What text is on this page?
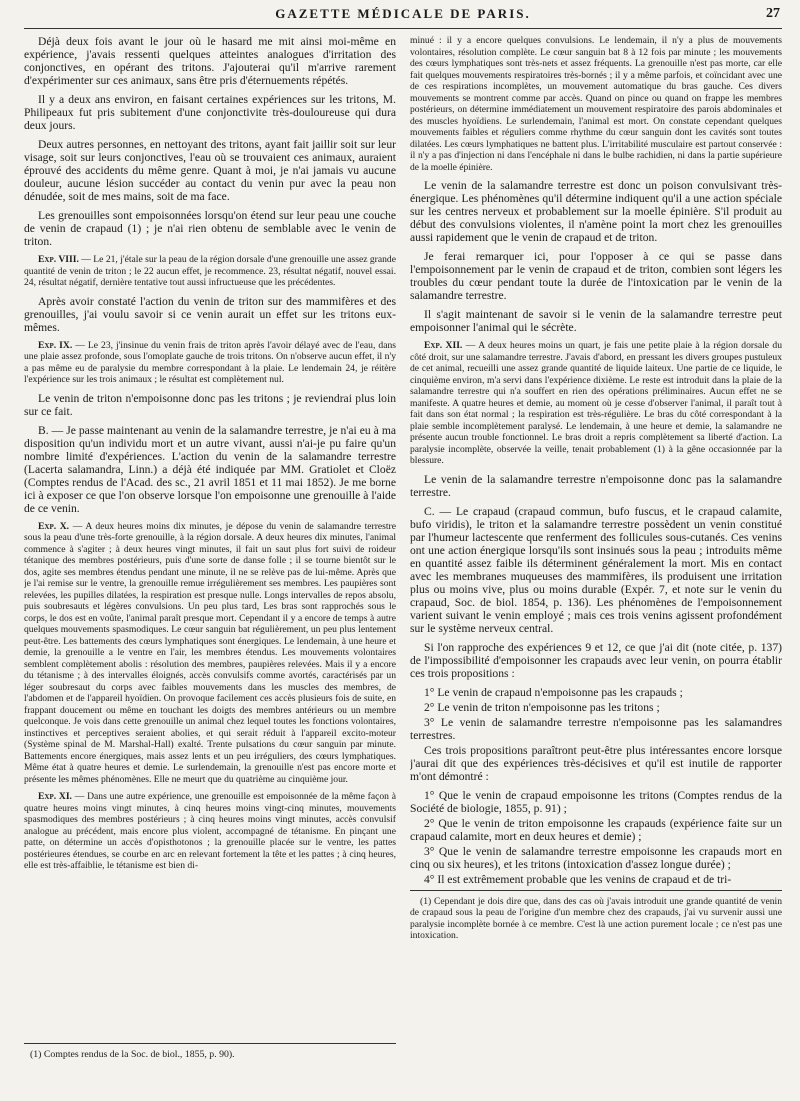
GAZETTE MÉDICALE DE PARIS.	27

Déjà deux fois avant le jour où le hasard me mit ainsi moi-même en expérience, j'avais ressenti quelques atteintes analogues d'irritation des conjonctives, en opérant des tritons. J'ajouterai qu'il m'arrive rarement d'expérimenter sur ces animaux, sans être pris d'éternuements répétés.

Il y a deux ans environ, en faisant certaines expériences sur les tritons, M. Philipeaux fut pris subitement d'une conjonctivite très-douloureuse qui dura deux jours.

Deux autres personnes, en nettoyant des tritons, ayant fait jaillir soit sur leur visage, soit sur leurs conjonctives, l'eau où se trouvaient ces animaux, auraient éprouvé des accidents du même genre. Quant à moi, je n'ai jamais vu aucune douleur, aucune lésion succéder au contact du venin pur avec la peau non dénudée, soit de mes mains, soit de ma face.

Les grenouilles sont empoisonnées lorsqu'on étend sur leur peau une couche de venin de crapaud (1) ; je n'ai rien obtenu de semblable avec le venin de triton.

Exp. VIII. — Le 21, j'étale sur la peau de la région dorsale d'une grenouille une assez grande quantité de venin de triton ; le 22 aucun effet, je recommence. 23, résultat négatif, nouvel essai. 24, résultat négatif, dernière tentative tout aussi infructueuse que les précédentes.

Après avoir constaté l'action du venin de triton sur des mammifères et des grenouilles, j'ai voulu savoir si ce venin aurait un effet sur les tritons eux-mêmes.

Exp. IX. — Le 23, j'insinue du venin frais de triton après l'avoir délayé avec de l'eau, dans une plaie assez profonde, sous l'omoplate gauche de trois tritons. On n'observe aucun effet, il n'y a pas même eu de paralysie du membre correspondant à la plaie. Le lendemain 24, je réitère l'expérience sur les trois animaux ; le résultat est complètement nul.

Le venin de triton n'empoisonne donc pas les tritons ; je reviendrai plus loin sur ce fait.

B. — Je passe maintenant au venin de la salamandre terrestre, je n'ai eu à ma disposition qu'un individu mort et un autre vivant, aussi n'ai-je pu faire qu'un nombre limité d'expériences. L'action du venin de la salamandre terrestre (Lacerta salamandra, Linn.) a déjà été indiquée par MM. Gratiolet et Cloëz (Comptes rendus de l'Acad. des sc., 21 avril 1851 et 11 mai 1852). Je me borne ici à exposer ce que l'on observe lorsque l'on empoisonne une grenouille à l'aide de ce venin.

Exp. X. — A deux heures moins dix minutes, je dépose du venin de salamandre terrestre sous la peau d'une très-forte grenouille, à la région dorsale. A deux heures dix minutes, l'animal commence à s'agiter ; à deux heures vingt minutes, il fait un saut plus fort suivi de roideur tétanique des membres postérieurs, puis d'une sorte de danse folle ; il se tourne bientôt sur le dos, agite ses membres étendus pendant une minute, il ne se relève pas de lui-même. Après que je l'ai remise sur le ventre, la grenouille remue irrégulièrement ses membres. Les paupières sont relevées, les pupilles dilatées, la respiration est presque nulle. Longs intervalles de repos absolu, puis soubresauts et légères convulsions. Un peu plus tard, Les bras sont rapprochés sous le corps, le dos est en voûte, l'animal paraît presque mort. Cependant il y a encore de temps à autre quelques mouvements spasmodiques. Le cœur sanguin bat régulièrement, un peu plus lentement peut-être. Les battements des cœurs lymphatiques sont énergiques. Le lendemain, à une heure et demie, la grenouille a le ventre en l'air, les membres étendus. Les mouvements volontaires semblent complètement abolis : résolution des membres, paupières relevées. Mais il y a encore du tétanisme ; à des intervalles éloignés, accès convulsifs comme avortés, caractérisés par un léger soubresaut du corps avec faibles mouvements dans les muscles des membres, de l'abdomen et de l'appareil hyoïdien. On provoque facilement ces accès plusieurs fois de suite, en frappant doucement ou même en touchant les doigts des membres antérieurs ou un membre quelconque. Je vois dans cette grenouille un animal chez lequel toutes les fonctions volontaires, instinctives et perceptives seraient abolies, et qui serait réduit à l'appareil excito-moteur (Système spinal de M. Marshal-Hall) exalté. Trente pulsations du cœur sanguin par minute. Battements encore énergiques, mais assez lents et un peu irréguliers, des cœurs lymphatiques. Même état à quatre heures et demie. Le surlendemain, la grenouille n'est pas encore morte et présente les mêmes phénomènes. Elle ne meurt que du quatrième au cinquième jour.

Exp. XI. — Dans une autre expérience, une grenouille est empoisonnée de la même façon à quatre heures moins vingt minutes, à cinq heures moins vingt-cinq minutes, mouvements spasmodiques des membres postérieurs ; à cinq heures moins vingt minutes, accès convulsif analogue au précédent, mais encore plus violent, accompagné de tétanisme. En pinçant une patte, on détermine un accès d'opisthotonos ; la grenouille placée sur le ventre, les pattes postérieures étendues, se courbe en arc en relevant fortement la tête et les pattes ; à cinq heures, elle est très-affaiblie, le tétanisme est bien di-

(1) Comptes rendus de la Soc. de biol., 1855, p. 90).

minué : il y a encore quelques convulsions. Le lendemain, il n'y a plus de mouvements volontaires, résolution complète. Le cœur sanguin bat 8 à 12 fois par minute ; les mouvements des cœurs lymphatiques sont très-nets et assez fréquents. La grenouille n'est pas morte, car elle fait quelques mouvements respiratoires très-bornés ; il y a même parfois, et coïncidant avec une de ces respirations incomplètes, un mouvement automatique du bras gauche. Ces divers mouvements se montrent comme par accès. Quand on pince ou quand on frappe les membres postérieurs, on détermine immédiatement un mouvement respiratoire des parois abdominales et des muscles hyoïdiens. Le surlendemain, l'animal est mort. On constate cependant quelques mouvements faibles et réguliers comme rhythme du cœur sanguin dont les cavités sont toutes dilatées. Les cœurs lymphatiques ne battent plus. L'irritabilité musculaire est partout conservée : il n'y a pas d'injection ni dans l'encéphale ni dans le bulbe rachidien, ni dans la partie supérieure de la moelle épinière.

Le venin de la salamandre terrestre est donc un poison convulsivant très-énergique. Les phénomènes qu'il détermine indiquent qu'il a une action spéciale sur les centres nerveux et probablement sur la moelle épinière. S'il produit au début des convulsions violentes, il n'amène point la mort chez les grenouilles aussi rapidement que le venin de crapaud et de triton.

Je ferai remarquer ici, pour l'opposer à ce qui se passe dans l'empoisonnement par le venin de crapaud et de triton, combien sont légers les troubles du cœur pendant toute la durée de l'intoxication par le venin de la salamandre terrestre.

Il s'agit maintenant de savoir si le venin de la salamandre terrestre peut empoisonner l'animal qui le sécrète.

Exp. XII. — A deux heures moins un quart, je fais une petite plaie à la région dorsale du côté droit, sur une salamandre terrestre. J'avais d'abord, en pressant les divers groupes pustuleux de cet animal, recueilli une assez grande quantité de liquide laiteux. Une partie de ce liquide, le cinquième environ, m'a servi dans l'expérience dixième. Le reste est introduit dans la plaie de la salamandre terrestre qui n'a souffert en rien des opérations préliminaires. Aucun effet ne se manifeste. A quatre heures et demie, au moment où je cesse d'observer l'animal, il paraît tout à fait dans son état normal ; la respiration est très-régulière. Le bras du côté correspondant à la plaie semble incomplètement paralysé. Le lendemain, à une heure et demie, la salamandre ne présente aucun trouble fonctionnel. Le bras droit a repris complètement sa liberté d'action. La paralysie incomplète, observée la veille, tenait probablement (1) à la gêne occasionnée par la blessure.

Le venin de la salamandre terrestre n'empoisonne donc pas la salamandre terrestre.

C. — Le crapaud (crapaud commun, bufo fuscus, et le crapaud calamite, bufo viridis), le triton et la salamandre terrestre possèdent un venin constitué par l'humeur lactescente que renferment des follicules sous-cutanés. Ces venins ont une action énergique lorsqu'ils sont insinués sous la peau ; introduits même en quantité assez faible ils déterminent généralement la mort. Mis en contact avec les membranes muqueuses des mammifères, ils produisent une irritation plus ou moins vive, plus ou moins durable (Expér. 7, et note sur le venin du crapaud, Soc. de biol. 1854, p. 136). Les phénomènes de l'empoisonnement varient suivant le venin employé ; mais ces trois venins agissent profondément sur le système nerveux central.

Si l'on rapproche des expériences 9 et 12, ce que j'ai dit (note citée, p. 137) de l'impossibilité d'empoisonner les crapauds avec leur venin, on pourra établir ces trois propositions :

1° Le venin de crapaud n'empoisonne pas les crapauds ;

2° Le venin de triton n'empoisonne pas les tritons ;

3° Le venin de salamandre terrestre n'empoisonne pas les salamandres terrestres.

Ces trois propositions paraîtront peut-être plus intéressantes encore lorsque j'aurai dit que des expériences très-décisives et qu'il est inutile de rapporter m'ont démontré :

1° Que le venin de crapaud empoisonne les tritons (Comptes rendus de la Société de biologie, 1855, p. 91) ;

2° Que le venin de triton empoisonne les crapauds (expérience faite sur un crapaud calamite, mort en deux heures et demie) ;

3° Que le venin de salamandre terrestre empoisonne les crapauds mort en cinq ou six heures), et les tritons (intoxication d'assez longue durée) ;

4° Il est extrêmement probable que les venins de crapaud et de tri-

(1) Cependant je dois dire que, dans des cas où j'avais introduit une grande quantité de venin de crapaud sous la peau de l'origine d'un membre chez des crapauds, j'ai vu survenir aussi une paralysie incomplète bornée à ce membre. C'est là une action purement locale ; ce n'est pas une intoxication.
